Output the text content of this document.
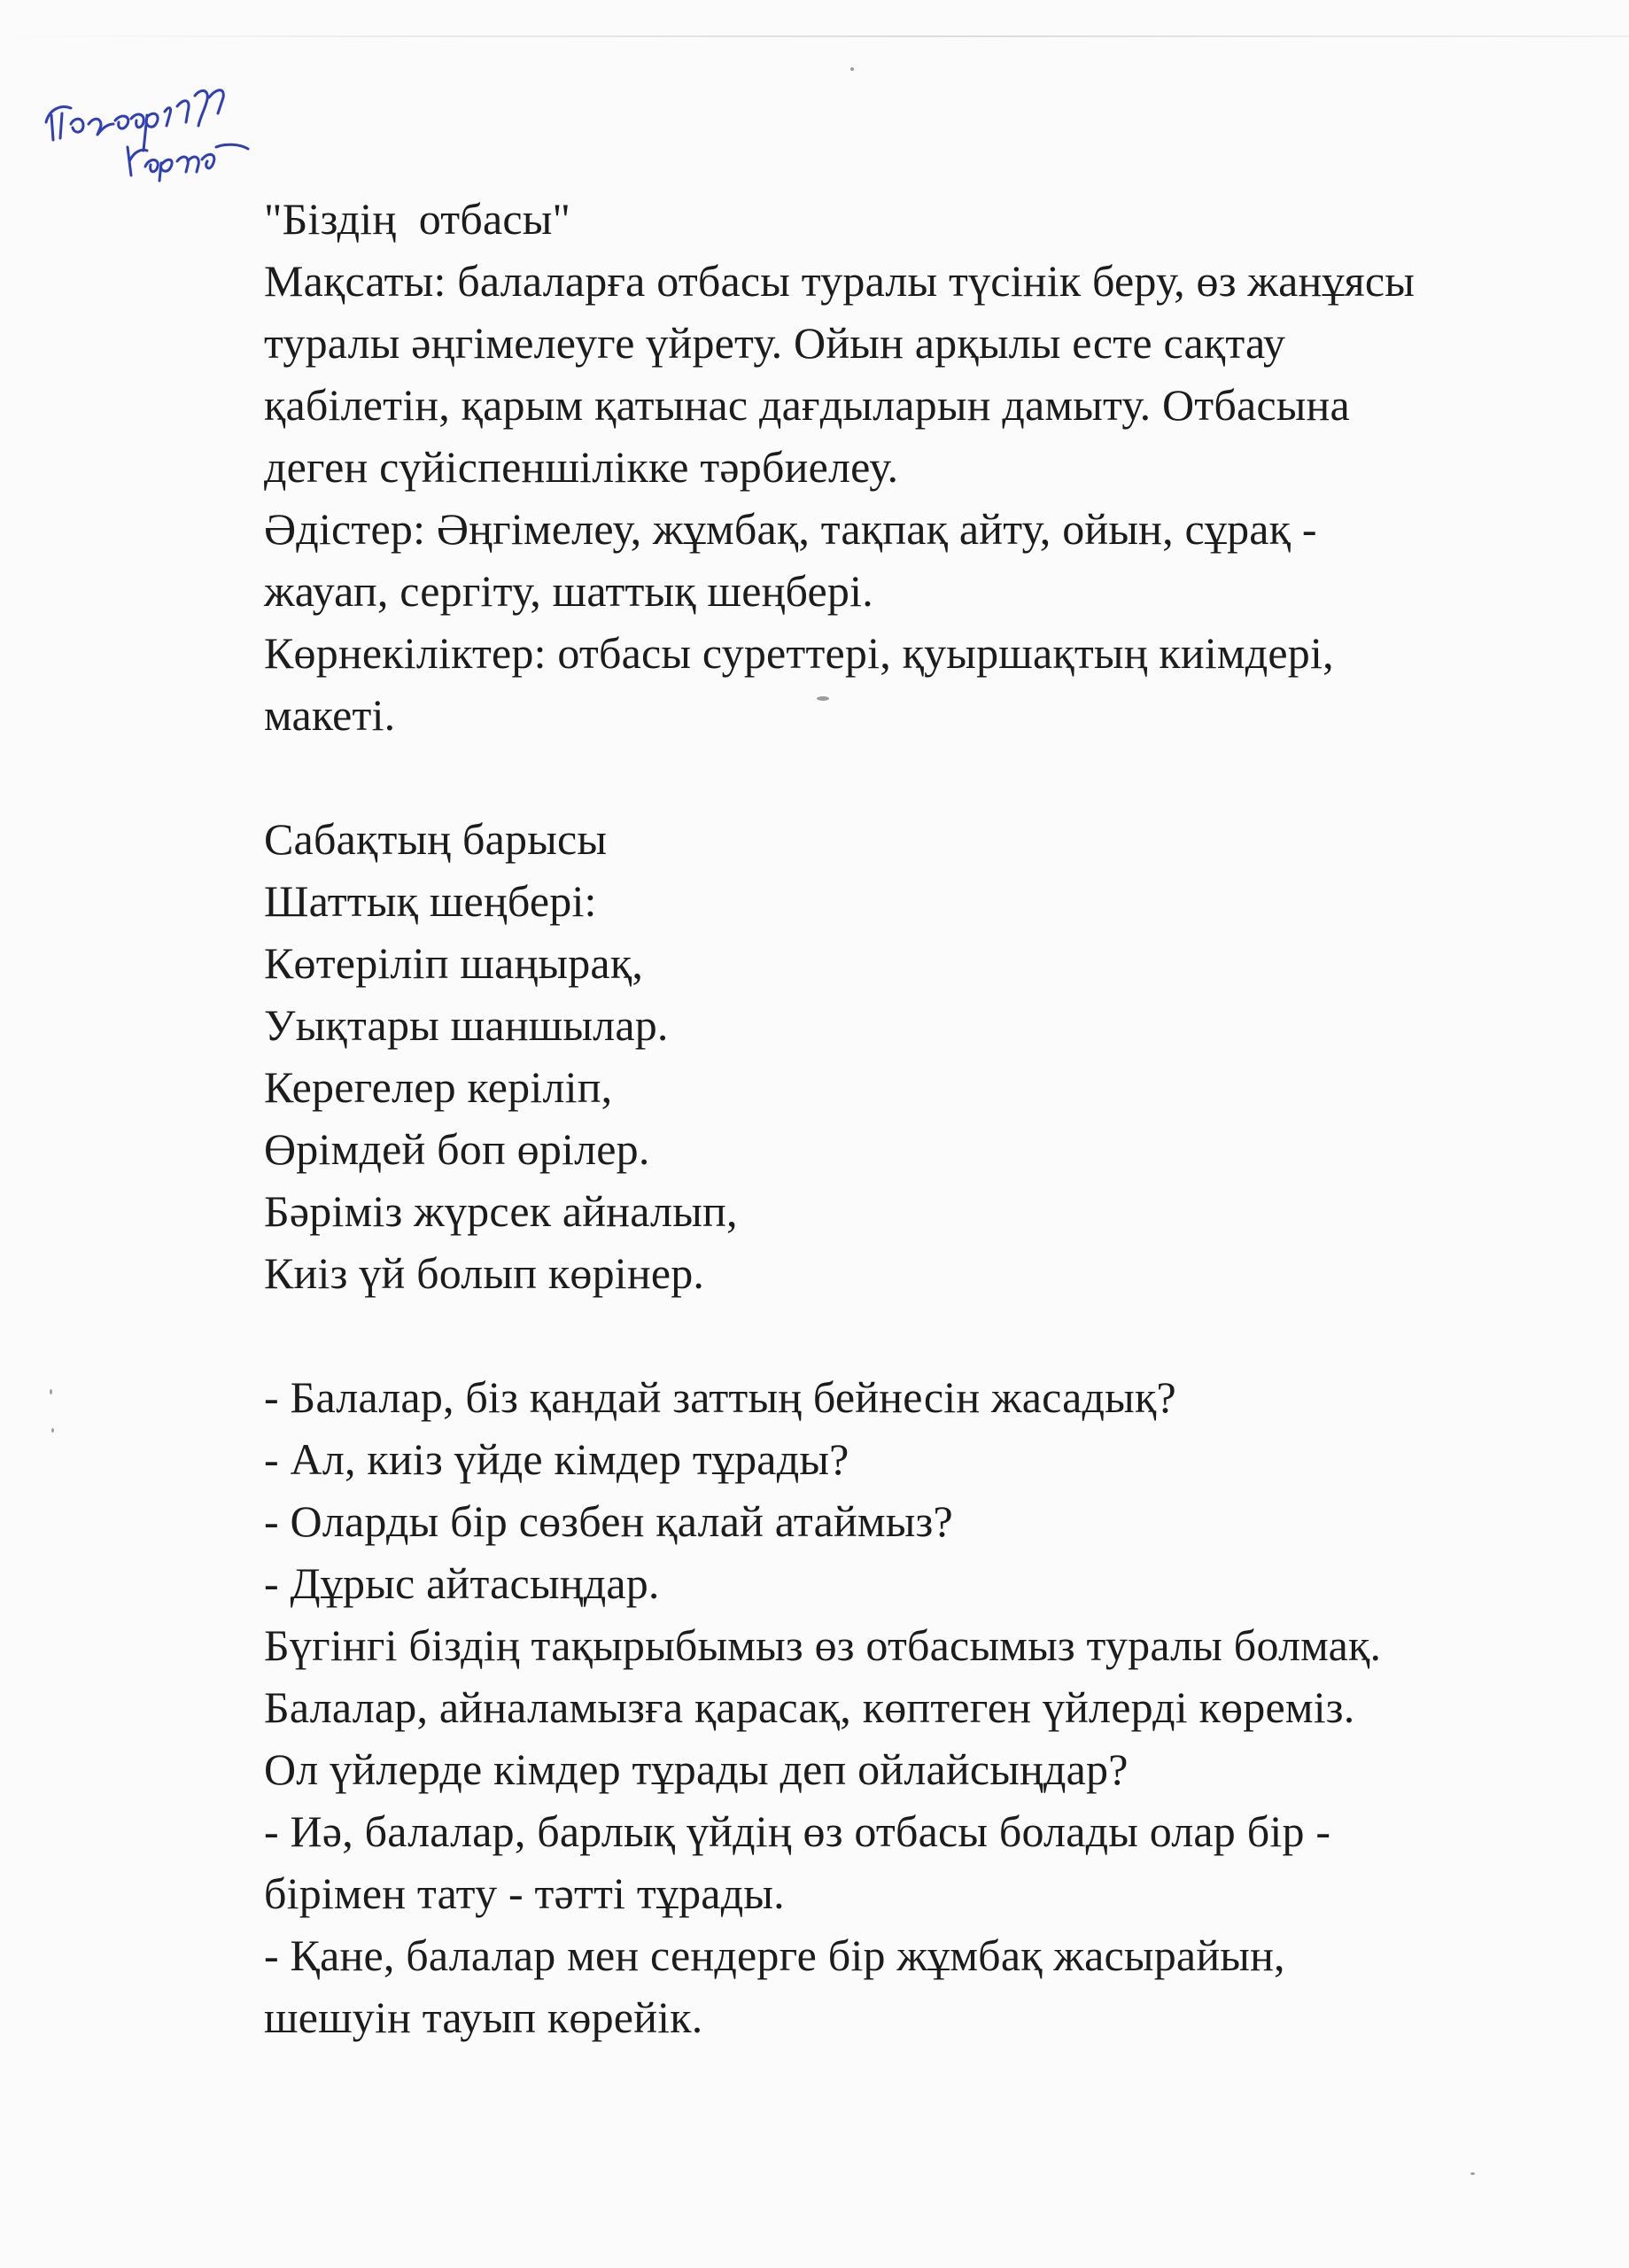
"Біздің  отбасы"
Мақсаты: балаларға отбасы туралы түсінік беру, өз жанұясы
туралы әңгімелеуге үйрету. Ойын арқылы есте сақтау
қабілетін, қарым қатынас дағдыларын дамыту. Отбасына
деген сүйіспеншілікке тәрбиелеу.
Әдістер: Әңгімелеу, жұмбақ, тақпақ айту, ойын, сұрақ -
жауап, сергіту, шаттық шеңбері.
Көрнекіліктер: отбасы суреттері, қуыршақтың киімдері,
макеті.
Сабақтың барысы
Шаттық шеңбері:
Көтеріліп шаңырақ,
Уықтары шаншылар.
Керегелер керіліп,
Өрімдей боп өрілер.
Бәріміз жүрсек айналып,
Киіз үй болып көрінер.
- Балалар, біз қандай заттың бейнесін жасадық?
- Ал, киіз үйде кімдер тұрады?
- Оларды бір сөзбен қалай атаймыз?
- Дұрыс айтасыңдар.
Бүгінгі біздің тақырыбымыз өз отбасымыз туралы болмақ.
Балалар, айналамызға қарасақ, көптеген үйлерді көреміз.
Ол үйлерде кімдер тұрады деп ойлайсыңдар?
- Иә, балалар, барлық үйдің өз отбасы болады олар бір -
бірімен тату - тәтті тұрады.
- Қане, балалар мен сендерге бір жұмбақ жасырайын,
шешуін тауып көрейік.
